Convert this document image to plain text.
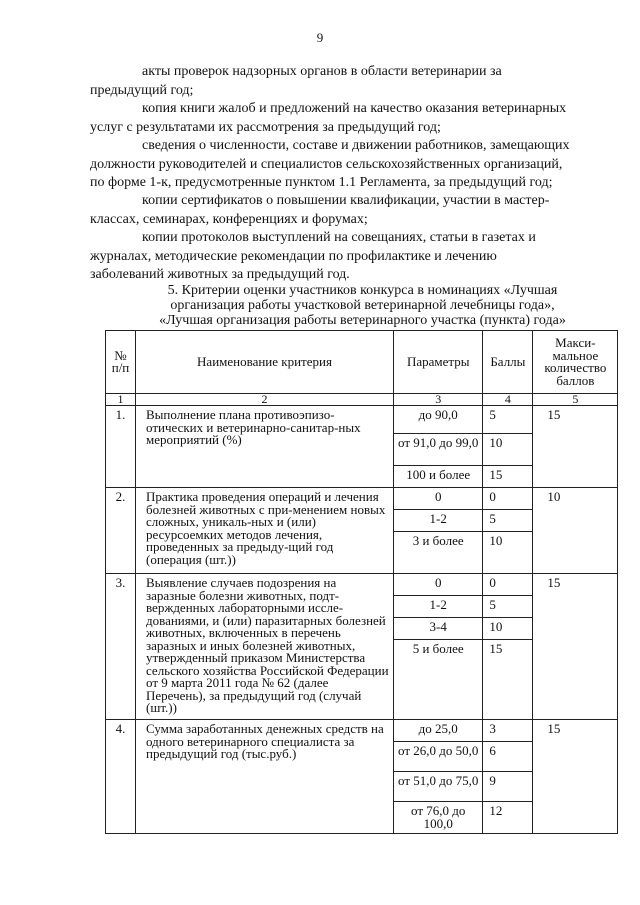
9
акты проверок надзорных органов в области ветеринарии за
предыдущий год;
копия книги жалоб и предложений на качество оказания ветеринарных
услуг с результатами их рассмотрения за предыдущий год;
сведения о численности, составе и движении работников, замещающих
должности руководителей и специалистов сельскохозяйственных организаций,
по форме 1-к, предусмотренные пунктом 1.1 Регламента, за предыдущий год;
копии сертификатов о повышении квалификации, участии в мастер-
классах, семинарах, конференциях и форумах;
копии протоколов выступлений на совещаниях, статьи в газетах и
журналах, методические рекомендации по профилактике и лечению
заболеваний животных за предыдущий год.
5. Критерии оценки участников конкурса в номинациях «Лучшая
организация работы участковой ветеринарной лечебницы года»,
«Лучшая организация работы ветеринарного участка (пункта) года»
№ п/п	Наименование критерия	Параметры	Баллы	Макси-мальное количество баллов
1	2	3	4	5
1.	Выполнение плана противоэпизо-отических и ветеринарно-санитар-ных мероприятий (%)	до 90,0	5	15
		от 91,0 до 99,0	10	
		100 и более	15	
2.	Практика проведения операций и лечения болезней животных с при-менением новых сложных, уникаль-ных и (или) ресурсоемких методов лечения, проведенных за предыду-щий год (операция (шт.))	0	0	10
		1-2	5	
		3 и более	10	
3.	Выявление случаев подозрения на заразные болезни животных, подт-вержденных лабораторными иссле-дованиями, и (или) паразитарных болезней животных, включенных в перечень заразных и иных болезней животных, утвержденный приказом Министерства сельского хозяйства Российской Федерации от 9 марта 2011 года № 62 (далее Перечень), за предыдущий год (случай (шт.))	0	0	15
		1-2	5	
		3-4	10	
		5 и более	15	
4.	Сумма заработанных денежных средств на одного ветеринарного специалиста за предыдущий год (тыс.руб.)	до 25,0	3	15
		от 26,0 до 50,0	6	
		от 51,0 до 75,0	9	
		от 76,0 до 100,0	12	
